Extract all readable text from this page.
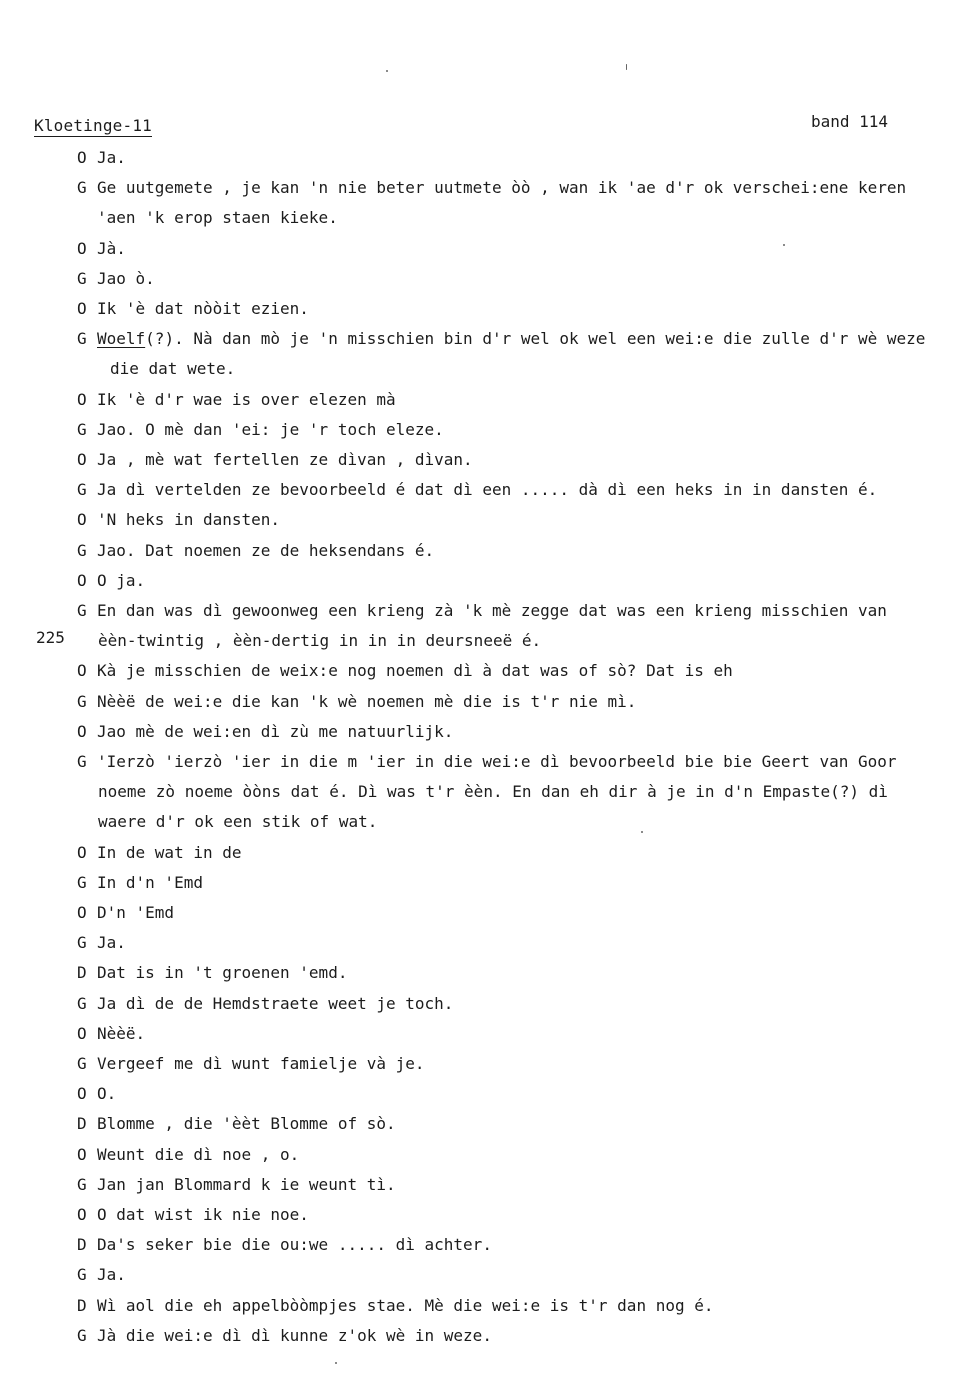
Kloetinge-11	band 114
225
O Ja.
G Ge uutgemete , je kan 'n nie beter uutmete òò , wan ik 'ae d'r ok verschei:ene keren
'aen 'k erop staen kieke.
O Jà.
G Jao ò.
O Ik 'è dat nòòit ezien.
G Woelf(?). Nà dan mò je 'n misschien bin d'r wel ok wel een wei:e die zulle d'r wè weze
die dat wete.
O Ik 'è d'r wae is over elezen mà
G Jao. O mè dan 'ei: je 'r toch eleze.
O Ja , mè wat fertellen ze dìvan , dìvan.
G Ja dì vertelden ze bevoorbeeld é dat dì een ..... dà dì een heks in in dansten é.
O 'N heks in dansten.
G Jao. Dat noemen ze de heksendans é.
O O ja.
G En dan was dì gewoonweg een krieng zà 'k mè zegge dat was een krieng misschien van
èèn-twintig , èèn-dertig in in in deursneeë é.
O Kà je misschien de weix:e nog noemen dì à dat was of sò? Dat is eh
G Nèèë de wei:e die kan 'k wè noemen mè die is t'r nie mì.
O Jao mè de wei:en dì zù me natuurlijk.
G 'Ierzò 'ierzò 'ier in die m 'ier in die wei:e dì bevoorbeeld bie bie Geert van Goor
noeme zò noeme òòns dat é. Dì was t'r èèn. En dan eh dir à je in d'n Empaste(?) dì
waere d'r ok een stik of wat.
O In de wat in de
G In d'n 'Emd
O D'n 'Emd
G Ja.
D Dat is in 't groenen 'emd.
G Ja dì de de Hemdstraete weet je toch.
O Nèèë.
G Vergeef me dì wunt famielje và je.
O O.
D Blomme , die 'èèt Blomme of sò.
O Weunt die dì noe , o.
G Jan jan Blommard k ie weunt tì.
O O dat wist ik nie noe.
D Da's seker bie die ou:we ..... dì achter.
G Ja.
D Wì aol die eh appelbòòmpjes stae. Mè die wei:e is t'r dan nog é.
G Jà die wei:e dì dì kunne z'ok wè in weze.
